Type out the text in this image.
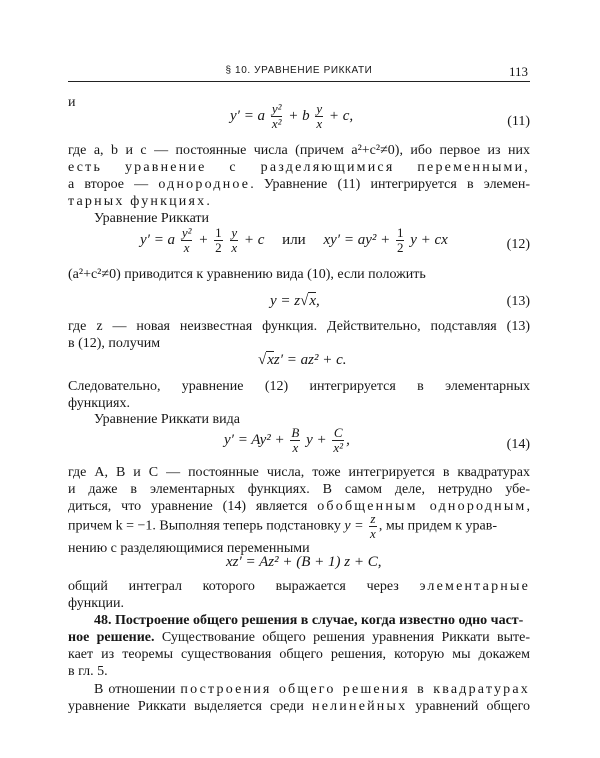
§ 10. УРАВНЕНИЕ РИККАТИ	113
и
y′ = a $\frac{\text{y²}}{\text{x²}} + b \frac{y}{x} + c$,	(11)
где a, b и c — постоянные числа (причем a²+c²≠0), ибо первое из них
есть уравнение с разделяющимися переменными,
а второе — однородное. Уравнение (11) интегрируется в элемен-
тарных функциях.
Уравнение Риккати
y′ = a $\frac{\text{y²}}{x} + \frac{1}{2}$
$\frac{y}{x} + c$ или $xy' = ay^2 + \frac{1}{2}$ y + cx	(12)
(a²+c²≠0) приводится к уравнению вида (10), если положить
y = z√x,	(13)
где z — новая неизвестная функция. Действительно, подставляя (13)
в (12), получим
√xz′ = az² + c.
Следовательно, уравнение (12) интегрируется в элементарных
функциях.
Уравнение Риккати вида
$y' = Ay^2 + \frac{B}{x}$ $y + \frac{C}{\text{x²}}$ ,	(14)
где A, B и C — постоянные числа, тоже интегрируется в квадратурах
и даже в элементарных функциях. В самом деле, нетрудно убе-
диться, что уравнение (14) является обобщенным однородным,
причем k = −1. Выполняя теперь подстановку $y = \frac{z}{x}$ , мы придем к урав-
нению с разделяющимися переменными
xz′ = Az² + (B + 1) z + C,
общий интеграл которого выражается через элементарные
функции.
48. Построение общего решения в случае, когда известно одно част-
ное решение. Существование общего решения уравнения Риккати выте-
кает из теоремы существования общего решения, которую мы докажем
в гл. 5.
В отношении построения общего решения в квадратурах
уравнение Риккати выделяется среди нелинейных уравнений общего
